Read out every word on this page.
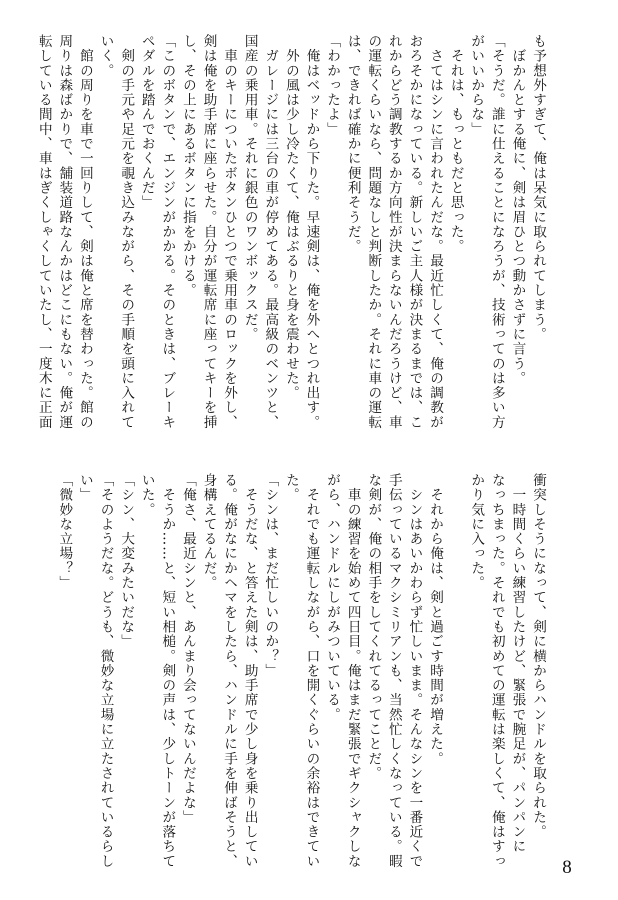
も予想外すぎて、俺は呆気に取られてしまう。
　ぼかんとする俺に、剣は眉ひとつ動かさずに言う。
「そうだ。誰に仕えることになろうが、技術ってのは多い方
がいいからな」
　それは、もっともだと思った。
　さてはシンに言われたんだな。最近忙しくて、俺の調教が
おろそかになっている。新しいご主人様が決まるまでは、こ
れからどう調教するか方向性が決まらないんだろうけど、車
の運転くらいなら、問題なしと判断したか。それに車の運転
は、できれば確かに便利そうだ。
「わかったよ」
　俺はベッドから下りた。早速剣は、俺を外へとつれ出す。
　外の風は少し冷たくて、俺はぶるりと身を震わせた。
　ガレージには三台の車が停めてある。最高級のベンツと、
国産の乗用車。それに銀色のワンボックスだ。
　車のキーについたボタンひとつで乗用車のロックを外し、
剣は俺を助手席に座らせた。自分が運転席に座ってキーを挿
し、その上にあるボタンに指をかける。
「このボタンで、エンジンがかかる。そのときは、ブレーキ
ペダルを踏んでおくんだ」
　剣の手元や足元を覗き込みながら、その手順を頭に入れて
いく。
　館の周りを車で一回りして、剣は俺と席を替わった。館の
周りは森ばかりで、舗装道路なんかはどこにもない。俺が運
転している間中、車はぎくしゃくしていたし、一度木に正面
衝突しそうになって、剣に横からハンドルを取られた。
　一時間くらい練習したけど、緊張で腕足が、パンパンに
なっちまった。それでも初めての運転は楽しくて、俺はすっ
かり気に入った。
　それから俺は、剣と過ごす時間が増えた。
　シンはあいかわらず忙しいまま。そんなシンを一番近くで
手伝っているマクシミリアンも、当然忙しくなっている。暇
な剣が、俺の相手をしてくれてるってことだ。
　車の練習を始めて四日目。俺はまだ緊張でギクシャクしな
がら、ハンドルにしがみついている。
　それでも運転しながら、口を開くぐらいの余裕はできてい
た。
「シンは、まだ忙しいのか？」
　そうだな、と答えた剣は、助手席で少し身を乗り出してい
る。俺がなにかヘマをしたら、ハンドルに手を伸ばそうと、
身構えてるんだ。
「俺さ、最近シンと、あんまり会ってないんだよな」
　そうか……と、短い相槌。剣の声は、少しトーンが落ちて
いた。
「シン、大変みたいだな」
「そのようだな。どうも、微妙な立場に立たされているらし
い」
「微妙な立場？」
8
